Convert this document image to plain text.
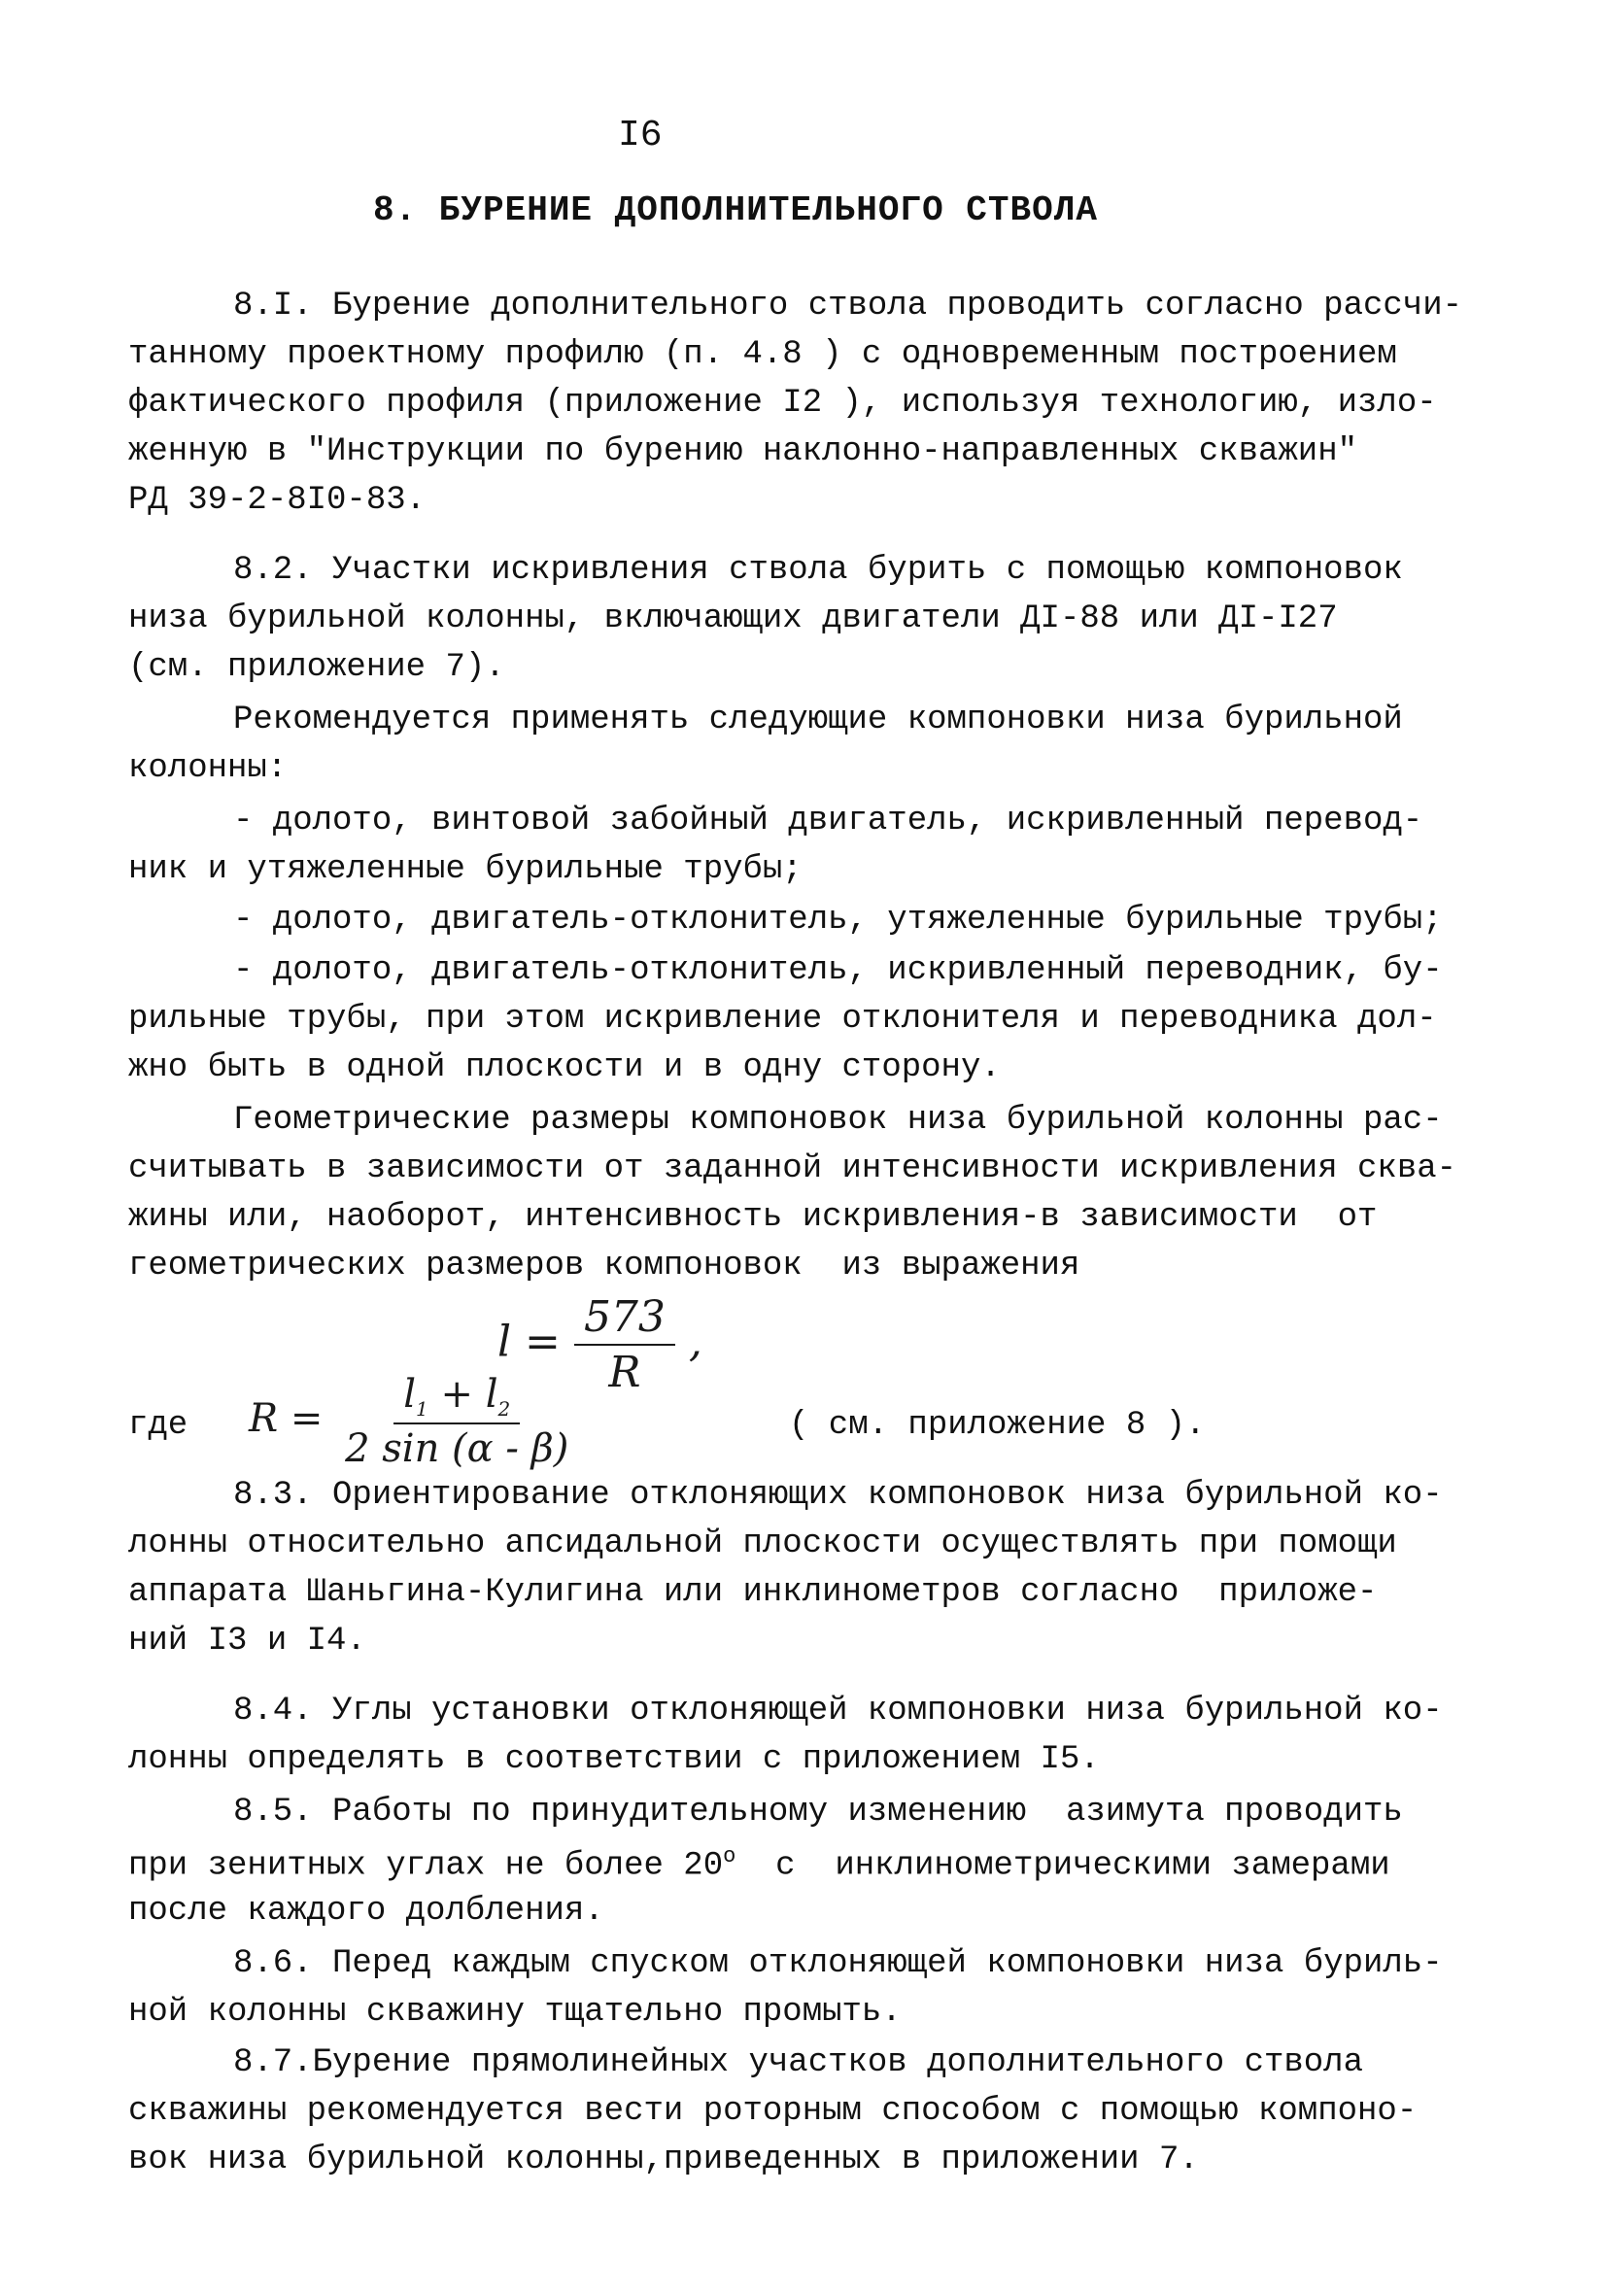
I6
8. БУРЕНИЕ ДОПОЛНИТЕЛЬНОГО СТВОЛА
8.I. Бурение дополнительного ствола проводить согласно рассчи-
танному проектному профилю (п. 4.8 ) с одновременным построением
фактического профиля (приложение I2 ), используя технологию, изло-
женную в "Инструкции по бурению наклонно-направленных скважин"
РД 39-2-8I0-83.
8.2. Участки искривления ствола бурить с помощью компоновок
низа бурильной колонны, включающих двигатели ДI-88 или ДI-I27
(см. приложение 7).
Рекомендуется применять следующие компоновки низа бурильной
колонны:
- долото, винтовой забойный двигатель, искривленный перевод-
ник и утяжеленные бурильные трубы;
- долото, двигатель-отклонитель, утяжеленные бурильные трубы;
- долото, двигатель-отклонитель, искривленный переводник, бу-
рильные трубы, при этом искривление отклонителя и переводника дол-
жно быть в одной плоскости и в одну сторону.
Геометрические размеры компоновок низа бурильной колонны рас-
считывать в зависимости от заданной интенсивности искривления сква-
жины или, наоборот, интенсивность искривления-в зависимости  от
геометрических размеров компоновок  из выражения
$l = \frac{573}{R}$ ,
где $R = \frac{l_1 + l_2}{2 \sin (\alpha - \beta)}$	( см. приложение 8 ).
8.3. Ориентирование отклоняющих компоновок низа бурильной ко-
лонны относительно апсидальной плоскости осуществлять при помощи
аппарата Шаньгина-Кулигина или инклинометров согласно  приложе-
ний I3 и I4.
8.4. Углы установки отклоняющей компоновки низа бурильной ко-
лонны определять в соответствии с приложением I5.
8.5. Работы по принудительному изменению  азимута проводить
при зенитных углах не более $20^о$  с  инклинометрическими замерами
после каждого долбления.
8.6. Перед каждым спуском отклоняющей компоновки низа буриль-
ной колонны скважину тщательно промыть.
8.7.Бурение прямолинейных участков дополнительного ствола
скважины рекомендуется вести роторным способом с помощью компоно-
вок низа бурильной колонны,приведенных в приложении 7.
